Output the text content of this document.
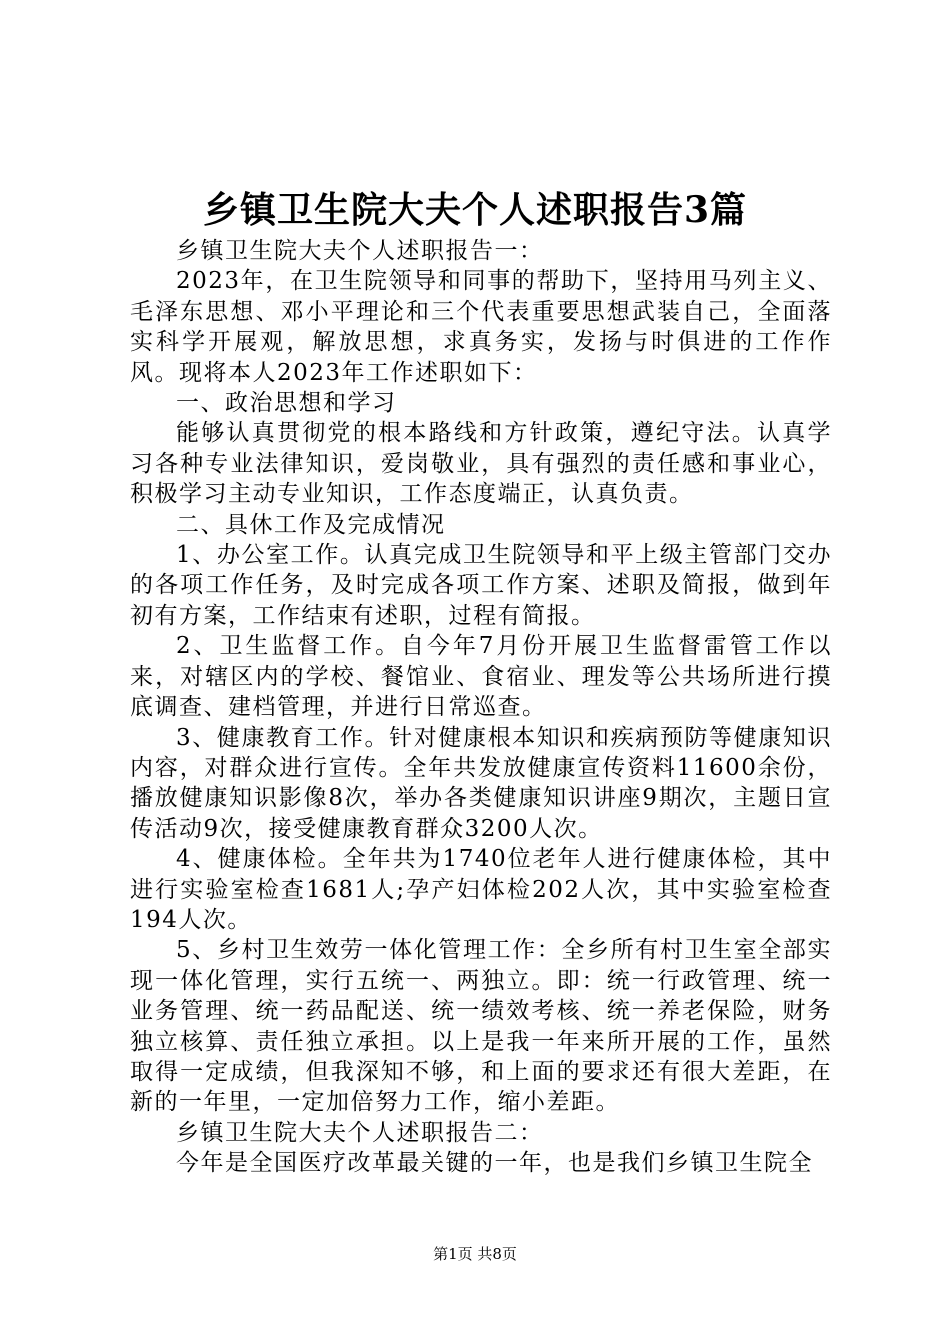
乡镇卫生院大夫个人述职报告3篇

乡镇卫生院大夫个人述职报告一：

2023年，在卫生院领导和同事的帮助下，坚持用马列主义、毛泽东思想、邓小平理论和三个代表重要思想武装自己，全面落实科学开展观，解放思想，求真务实，发扬与时俱进的工作作风。现将本人2023年工作述职如下：

一、政治思想和学习

能够认真贯彻党的根本路线和方针政策，遵纪守法。认真学习各种专业法律知识，爱岗敬业，具有强烈的责任感和事业心，积极学习主动专业知识，工作态度端正，认真负责。

二、具休工作及完成情况

1、办公室工作。认真完成卫生院领导和平上级主管部门交办的各项工作任务，及时完成各项工作方案、述职及简报，做到年初有方案，工作结束有述职，过程有简报。

2、卫生监督工作。自今年7月份开展卫生监督雷管工作以来，对辖区内的学校、餐馆业、食宿业、理发等公共场所进行摸底调查、建档管理，并进行日常巡查。

3、健康教育工作。针对健康根本知识和疾病预防等健康知识内容，对群众进行宣传。全年共发放健康宣传资料11600余份，播放健康知识影像8次，举办各类健康知识讲座9期次，主题日宣传活动9次，接受健康教育群众3200人次。

4、健康体检。全年共为1740位老年人进行健康体检，其中进行实验室检查1681人;孕产妇体检202人次，其中实验室检查194人次。

5、乡村卫生效劳一体化管理工作：全乡所有村卫生室全部实现一体化管理，实行五统一、两独立。即：统一行政管理、统一业务管理、统一药品配送、统一绩效考核、统一养老保险，财务独立核算、责任独立承担。以上是我一年来所开展的工作，虽然取得一定成绩，但我深知不够，和上面的要求还有很大差距，在新的一年里，一定加倍努力工作，缩小差距。

乡镇卫生院大夫个人述职报告二：

今年是全国医疗改革最关键的一年，也是我们乡镇卫生院全

第1页 共8页
